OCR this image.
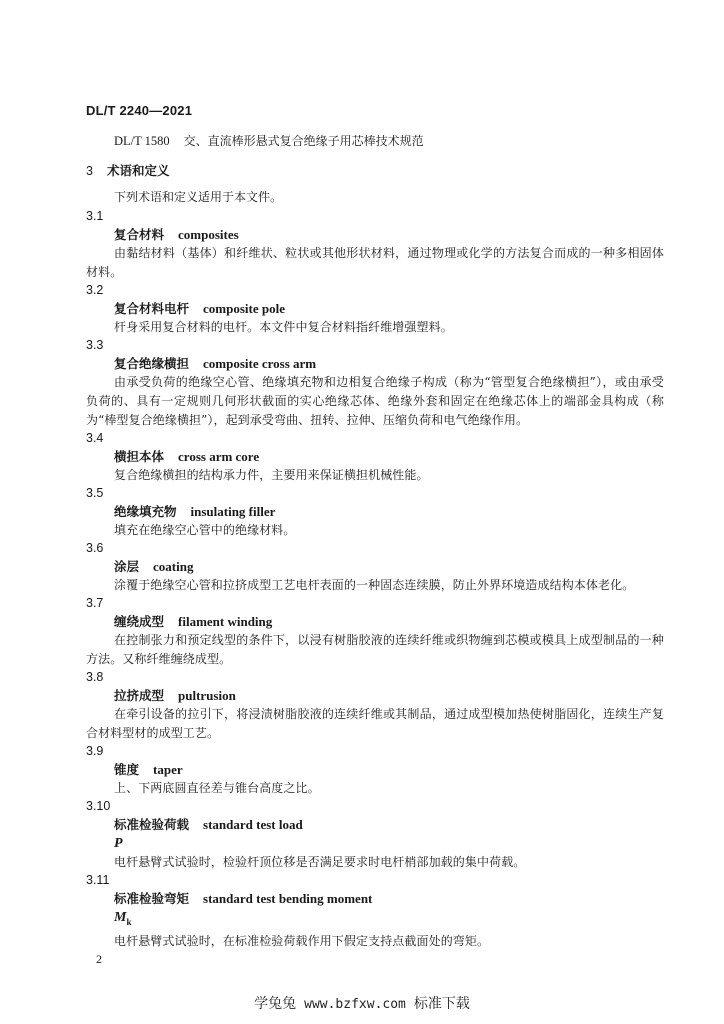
DL/T 2240—2021
DL/T 1580 交、直流棒形悬式复合绝缘子用芯棒技术规范
3 术语和定义
下列术语和定义适用于本文件。
3.1
复合材料 composites
由黏结材料（基体）和纤维状、粒状或其他形状材料，通过物理或化学的方法复合而成的一种多相固体材料。
3.2
复合材料电杆 composite pole
杆身采用复合材料的电杆。本文件中复合材料指纤维增强塑料。
3.3
复合绝缘横担 composite cross arm
由承受负荷的绝缘空心管、绝缘填充物和边相复合绝缘子构成（称为“管型复合绝缘横担”），或由承受负荷的、具有一定规则几何形状截面的实心绝缘芯体、绝缘外套和固定在绝缘芯体上的端部金具构成（称为“棒型复合绝缘横担”），起到承受弯曲、扭转、拉伸、压缩负荷和电气绝缘作用。
3.4
横担本体 cross arm core
复合绝缘横担的结构承力件，主要用来保证横担机械性能。
3.5
绝缘填充物 insulating filler
填充在绝缘空心管中的绝缘材料。
3.6
涂层 coating
涂覆于绝缘空心管和拉挤成型工艺电杆表面的一种固态连续膜，防止外界环境造成结构本体老化。
3.7
缠绕成型 filament winding
在控制张力和预定线型的条件下，以浸有树脂胶液的连续纤维或织物缠到芯模或模具上成型制品的一种方法。又称纤维缠绕成型。
3.8
拉挤成型 pultrusion
在牵引设备的拉引下，将浸渍树脂胶液的连续纤维或其制品，通过成型模加热使树脂固化，连续生产复合材料型材的成型工艺。
3.9
锥度 taper
上、下两底圆直径差与锥台高度之比。
3.10
标准检验荷载 standard test load
P
电杆悬臂式试验时，检验杆顶位移是否满足要求时电杆梢部加载的集中荷载。
3.11
标准检验弯矩 standard test bending moment
$M_k$
电杆悬臂式试验时，在标准检验荷载作用下假定支持点截面处的弯矩。
2
学兔兔 www.bzfxw.com 标准下载
